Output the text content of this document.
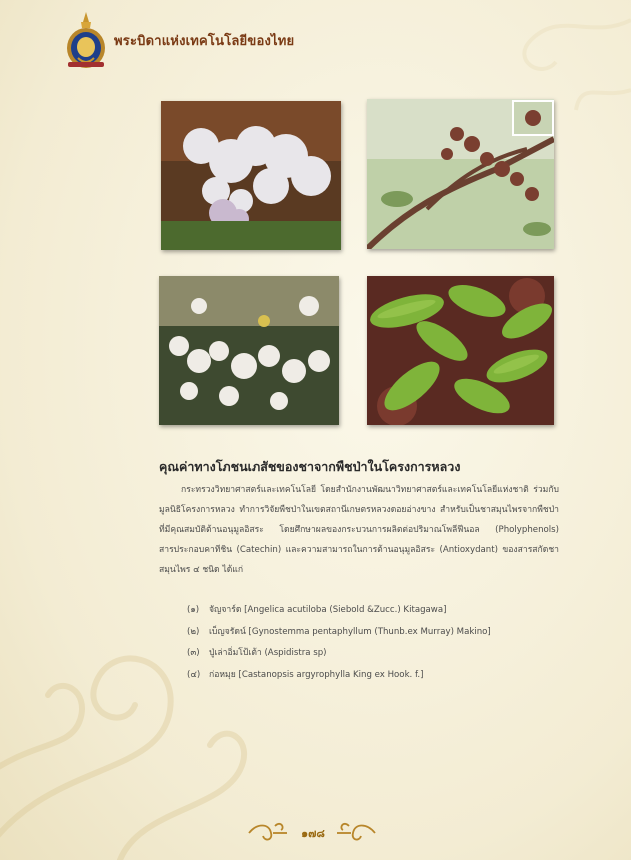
พระบิดาแห่งเทคโนโลยีของไทย
คุณค่าทางโภชนเภสัชของชาจากพืชป่าในโครงการหลวง
กระทรวงวิทยาศาสตร์และเทคโนโลยี โดยสำนักงานพัฒนาวิทยาศาสตร์และเทคโนโลยีแห่งชาติ ร่วมกับมูลนิธิโครงการหลวง ทำการวิจัยพืชป่าในเขตสถานีเกษตรหลวงดอยอ่างขาง สำหรับเป็นชาสมุนไพรจากพืชป่าที่มีคุณสมบัติต้านอนุมูลอิสระ โดยศึกษาผลของกระบวนการผลิตต่อปริมาณโพลีฟีนอล (Pholyphenols) สารประกอบคาทีชิน (Catechin) และความสามารถในการต้านอนุมูลอิสระ (Antioxydant) ของสารสกัดชาสมุนไพร ๔ ชนิด ได้แก่
(๑) จัญจาร์ด [Angelica acutiloba (Siebold &Zucc.) Kitagawa]
(๒) เบ็ญจรัดน์ [Gynostemma pentaphyllum (Thunb.ex Murray) Makino]
(๓) ปู่เล่าอิ่มโป้เต้า (Aspidistra sp)
(๔) ก่อหมุย [Castanopsis argyrophylla King ex Hook. f.]
๑๗๘
